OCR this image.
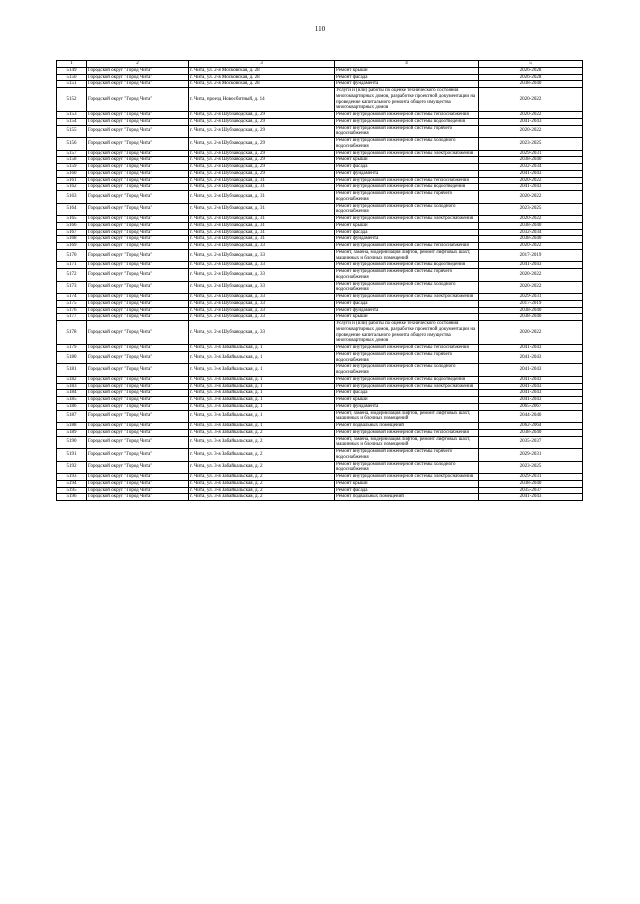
110
1	2	3	4	5
5149	Городской округ "Город Чита"	г. Чита, ул. 2-я Московская, д. 28	Ремонт крыши	2026-2028
5150	Городской округ "Город Чита"	г. Чита, ул. 2-я Московская, д. 28	Ремонт фасада	2026-2028
5151	Городской округ "Город Чита"	г. Чита, ул. 2-я Московская, д. 28	Ремонт фундамента	2038-2040
5152	Городской округ "Город Чита"	г. Чита, проезд Новосбитный, д. 14	Услуги и (или) работы по оценке технического состояния многоквартирных домов, разработке проектной документации на проведение капитального ремонта общего имущества многоквартирных домов	2020-2022
5153	Городской округ "Город Чита"	г. Чита, ул. 2-я Шубзаводская, д. 29	Ремонт внутридомовой инженерной системы теплоснабжения	2020-2022
5154	Городской округ "Город Чита"	г. Чита, ул. 2-я Шубзаводская, д. 29	Ремонт внутридомовой инженерной системы водоотведения	2041-2043
5155	Городской округ "Город Чита"	г. Чита, ул. 2-я Шубзаводская, д. 29	Ремонт внутридомовой инженерной системы горячего водоснабжения	2020-2022
5156	Городской округ "Город Чита"	г. Чита, ул. 2-я Шубзаводская, д. 29	Ремонт внутридомовой инженерной системы холодного водоснабжения	2023-2025
5157	Городской округ "Город Чита"	г. Чита, ул. 2-я Шубзаводская, д. 29	Ремонт внутридомовой инженерной системы электроснабжения	2029-2031
5158	Городской округ "Город Чита"	г. Чита, ул. 2-я Шубзаводская, д. 29	Ремонт крыши	2038-2040
5159	Городской округ "Город Чита"	г. Чита, ул. 2-я Шубзаводская, д. 29	Ремонт фасада	2032-2034
5160	Городской округ "Город Чита"	г. Чита, ул. 2-я Шубзаводская, д. 29	Ремонт фундамента	2041-2043
5161	Городской округ "Город Чита"	г. Чита, ул. 2-я Шубзаводская, д. 31	Ремонт внутридомовой инженерной системы теплоснабжения	2020-2022
5162	Городской округ "Город Чита"	г. Чита, ул. 2-я Шубзаводская, д. 31	Ремонт внутридомовой инженерной системы водоотведения	2041-2043
5163	Городской округ "Город Чита"	г. Чита, ул. 2-я Шубзаводская, д. 31	Ремонт внутридомовой инженерной системы горячего водоснабжения	2020-2022
5164	Городской округ "Город Чита"	г. Чита, ул. 2-я Шубзаводская, д. 31	Ремонт внутридомовой инженерной системы холодного водоснабжения	2023-2025
5165	Городской округ "Город Чита"	г. Чита, ул. 2-я Шубзаводская, д. 31	Ремонт внутридомовой инженерной системы электроснабжения	2020-2022
5166	Городской округ "Город Чита"	г. Чита, ул. 2-я Шубзаводская, д. 31	Ремонт крыши	2038-2040
5167	Городской округ "Город Чита"	г. Чита, ул. 2-я Шубзаводская, д. 31	Ремонт фасада	2032-2034
5168	Городской округ "Город Чита"	г. Чита, ул. 2-я Шубзаводская, д. 31	Ремонт фундамента	2038-2040
5169	Городской округ "Город Чита"	г. Чита, ул. 2-я Шубзаводская, д. 33	Ремонт внутридомовой инженерной системы теплоснабжения	2020-2022
5170	Городской округ "Город Чита"	г. Чита, ул. 2-я Шубзаводская, д. 33	Ремонт, замена, модернизация лифтов, ремонт лифтовых шахт, машинных и блочных помещений	2017-2019
5171	Городской округ "Город Чита"	г. Чита, ул. 2-я Шубзаводская, д. 33	Ремонт внутридомовой инженерной системы водоотведения	2041-2043
5172	Городской округ "Город Чита"	г. Чита, ул. 2-я Шубзаводская, д. 33	Ремонт внутридомовой инженерной системы горячего водоснабжения	2020-2022
5173	Городской округ "Город Чита"	г. Чита, ул. 2-я Шубзаводская, д. 33	Ремонт внутридомовой инженерной системы холодного водоснабжения	2020-2022
5174	Городской округ "Город Чита"	г. Чита, ул. 2-я Шубзаводская, д. 33	Ремонт внутридомовой инженерной системы электроснабжения	2029-2031
5175	Городской округ "Город Чита"	г. Чита, ул. 2-я Шубзаводская, д. 33	Ремонт фасада	2017-2019
5176	Городской округ "Город Чита"	г. Чита, ул. 2-я Шубзаводская, д. 33	Ремонт фундамента	2038-2040
5177	Городской округ "Город Чита"	г. Чита, ул. 2-я Шубзаводская, д. 33	Ремонт крыши	2038-2040
5178	Городской округ "Город Чита"	г. Чита, ул. 2-я Шубзаводская, д. 33	Услуги и (или) работы по оценке технического состояния многоквартирных домов, разработке проектной документации на проведение капитального ремонта общего имущества многоквартирных домов	2020-2022
5179	Городской округ "Город Чита"	г. Чита, ул. 3-я Забайкальская, д. 1	Ремонт внутридомовой инженерной системы теплоснабжения	2041-2043
5180	Городской округ "Город Чита"	г. Чита, ул. 3-я Забайкальская, д. 1	Ремонт внутридомовой инженерной системы горячего водоснабжения	2041-2043
5181	Городской округ "Город Чита"	г. Чита, ул. 3-я Забайкальская, д. 1	Ремонт внутридомовой инженерной системы холодного водоснабжения	2041-2043
5182	Городской округ "Город Чита"	г. Чита, ул. 3-я Забайкальская, д. 1	Ремонт внутридомовой инженерной системы водоотведения	2041-2043
5183	Городской округ "Город Чита"	г. Чита, ул. 3-я Забайкальская, д. 1	Ремонт внутридомовой инженерной системы электроснабжения	2041-2043
5184	Городской округ "Город Чита"	г. Чита, ул. 3-я Забайкальская, д. 1	Ремонт фасада	2041-2043
5185	Городской округ "Город Чита"	г. Чита, ул. 3-я Забайкальская, д. 1	Ремонт крыши	2041-2043
5186	Городской округ "Город Чита"	г. Чита, ул. 3-я Забайкальская, д. 1	Ремонт фундамента	2065-2067
5187	Городской округ "Город Чита"	г. Чита, ул. 3-я Забайкальская, д. 1	Ремонт, замена, модернизация лифтов, ремонт лифтовых шахт, машинных и блочных помещений	2044-2046
5188	Городской округ "Город Чита"	г. Чита, ул. 3-я Забайкальская, д. 1	Ремонт подвальных помещений	2062-2064
5189	Городской округ "Город Чита"	г. Чита, ул. 3-я Забайкальская, д. 2	Ремонт внутридомовой инженерной системы теплоснабжения	2038-2040
5190	Городской округ "Город Чита"	г. Чита, ул. 3-я Забайкальская, д. 2	Ремонт, замена, модернизация лифтов, ремонт лифтовых шахт, машинных и блочных помещений	2035-2037
5191	Городской округ "Город Чита"	г. Чита, ул. 3-я Забайкальская, д. 2	Ремонт внутридомовой инженерной системы горячего водоснабжения	2029-2031
5192	Городской округ "Город Чита"	г. Чита, ул. 3-я Забайкальская, д. 2	Ремонт внутридомовой инженерной системы холодного водоснабжения	2023-2025
5193	Городской округ "Город Чита"	г. Чита, ул. 3-я Забайкальская, д. 2	Ремонт внутридомовой инженерной системы электроснабжения	2029-2031
5194	Городской округ "Город Чита"	г. Чита, ул. 3-я Забайкальская, д. 2	Ремонт крыши	2038-2040
5195	Городской округ "Город Чита"	г. Чита, ул. 3-я Забайкальская, д. 2	Ремонт фасада	2035-2037
5196	Городской округ "Город Чита"	г. Чита, ул. 3-я Забайкальская, д. 2	Ремонт подвальных помещений	2041-2043
